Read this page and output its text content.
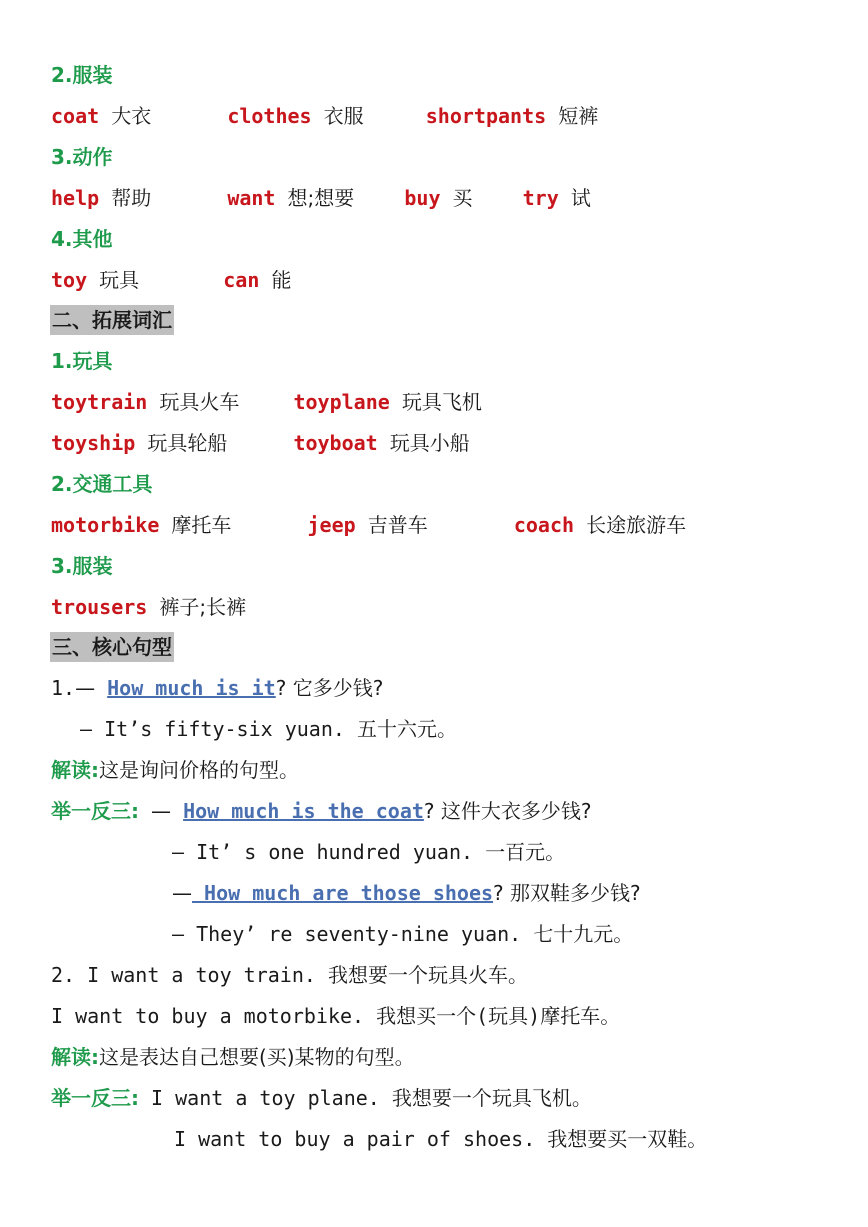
2.服装
coat 大衣	clothes 衣服	shortpants 短裤
3.动作
help 帮助	want 想;想要	buy 买	try 试
4.其他
toy 玩具	can 能
二、拓展词汇
1.玩具
toytrain 玩具火车	toyplane 玩具飞机
toyship 玩具轮船	toyboat 玩具小船
2.交通工具
motorbike 摩托车	jeep 吉普车	coach 长途旅游车
3.服装
trousers 裤子;长裤
三、核心句型
1.— How much is it? 它多少钱?
— It’s fifty-six yuan. 五十六元。
解读:这是询问价格的句型。
举一反三: — How much is the coat? 这件大衣多少钱?
— It’ s one hundred yuan. 一百元。
— How much are those shoes? 那双鞋多少钱?
— They’ re seventy-nine yuan. 七十九元。
2. I want a toy train. 我想要一个玩具火车。
I want to buy a motorbike. 我想买一个(玩具)摩托车。
解读:这是表达自己想要(买)某物的句型。
举一反三: I want a toy plane. 我想要一个玩具飞机。
I want to buy a pair of shoes. 我想要买一双鞋。
